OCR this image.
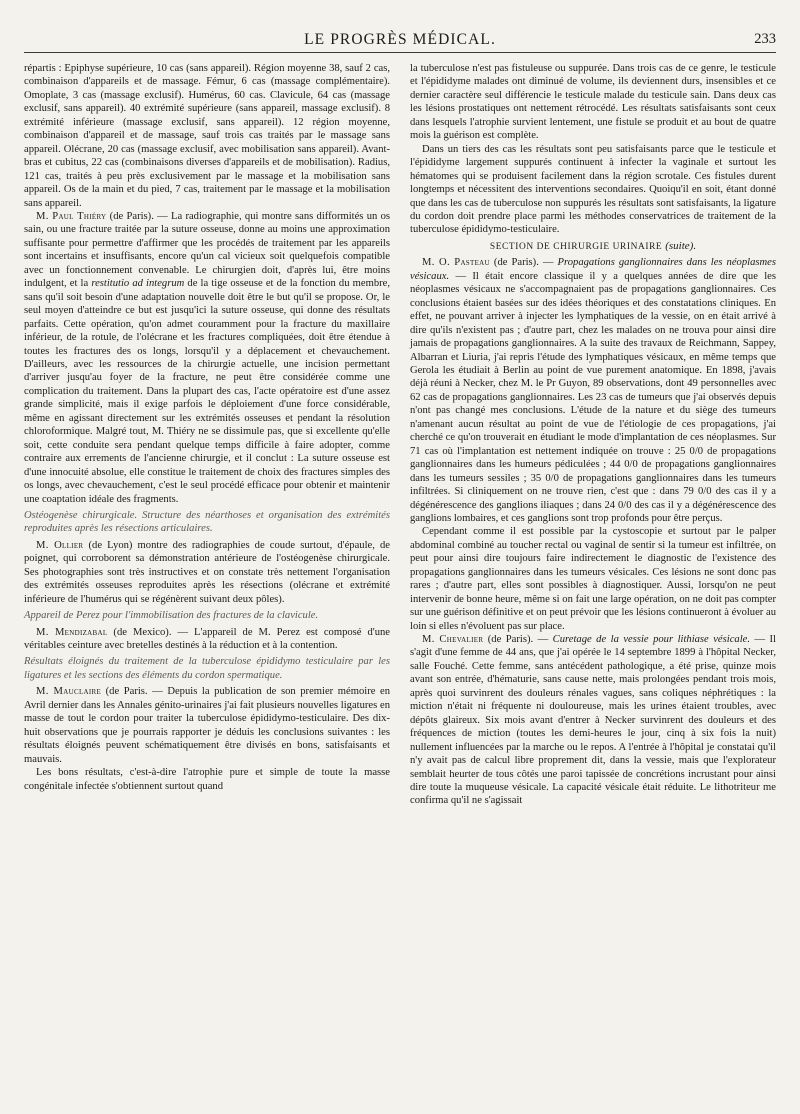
LE PROGRÈS MÉDICAL.	233

répartis : Epiphyse supérieure, 10 cas (sans appareil). Région moyenne 38, sauf 2 cas, combinaison d'appareils et de massage. Fémur, 6 cas (massage complémentaire). Omoplate, 3 cas (massage exclusif). Humérus, 60 cas. Clavicule, 64 cas (massage exclusif, sans appareil). 40 extrémité supérieure (sans appareil, massage exclusif). 8 extrémité inférieure (massage exclusif, sans appareil). 12 région moyenne, combinaison d'appareil et de massage, sauf trois cas traités par le massage sans appareil. Olécrane, 20 cas (massage exclusif, avec mobilisation sans appareil). Avant-bras et cubitus, 22 cas (combinaisons diverses d'appareils et de mobilisation). Radius, 121 cas, traités à peu près exclusivement par le massage et la mobilisation sans appareil. Os de la main et du pied, 7 cas, traitement par le massage et la mobilisation sans appareil.

M. Paul Thiéry (de Paris). — La radiographie, qui montre sans difformités un os sain, ou une fracture traitée par la suture osseuse, donne au moins une approximation suffisante pour permettre d'affirmer que les procédés de traitement par les appareils sont incertains et insuffisants, encore qu'un cal vicieux soit quelquefois compatible avec un fonctionnement convenable. Le chirurgien doit, d'après lui, être moins indulgent, et la restitutio ad integrum de la tige osseuse et de la fonction du membre, sans qu'il soit besoin d'une adaptation nouvelle doit être le but qu'il se propose. Or, le seul moyen d'atteindre ce but est jusqu'ici la suture osseuse, qui donne des résultats parfaits. Cette opération, qu'on admet couramment pour la fracture du maxillaire inférieur, de la rotule, de l'olécrane et les fractures compliquées, doit être étendue à toutes les fractures des os longs, lorsqu'il y a déplacement et chevauchement. D'ailleurs, avec les ressources de la chirurgie actuelle, une incision permettant d'arriver jusqu'au foyer de la fracture, ne peut être considérée comme une complication du traitement. Dans la plupart des cas, l'acte opératoire est d'une assez grande simplicité, mais il exige parfois le déploiement d'une force considérable, même en agissant directement sur les extrémités osseuses et pendant la résolution chloroformique. Malgré tout, M. Thiéry ne se dissimule pas, que si excellente qu'elle soit, cette conduite sera pendant quelque temps difficile à faire adopter, comme contraire aux errements de l'ancienne chirurgie, et il conclut : La suture osseuse est d'une innocuité absolue, elle constitue le traitement de choix des fractures simples des os longs, avec chevauchement, c'est le seul procédé efficace pour obtenir et maintenir une coaptation idéale des fragments.

Ostéogenèse chirurgicale. Structure des néarthoses et organisation des extrémités reproduites après les résections articulaires.

M. Ollier (de Lyon) montre des radiographies de coude surtout, d'épaule, de poignet, qui corroborent sa démonstration antérieure de l'ostéogenèse chirurgicale. Ses photographies sont très instructives et on constate très nettement l'organisation des extrémités osseuses reproduites après les résections (olécrane et extrémité inférieure de l'humérus qui se régénèrent suivant deux pôles).

Appareil de Perez pour l'immobilisation des fractures de la clavicule.

M. Mendizabal (de Mexico). — L'appareil de M. Perez est composé d'une véritables ceinture avec bretelles destinés à la réduction et à la contention.

Résultats éloignés du traitement de la tuberculose épididymo testiculaire par les ligatures et les sections des éléments du cordon spermatique.

M. Mauclaire (de Paris. — Depuis la publication de son premier mémoire en Avril dernier dans les Annales génito-urinaires j'ai fait plusieurs nouvelles ligatures en masse de tout le cordon pour traiter la tuberculose épididymo-testiculaire. Des dix-huit observations que je pourrais rapporter je déduis les conclusions suivantes : les résultats éloignés peuvent schématiquement être divisés en bons, satisfaisants et mauvais.

Les bons résultats, c'est-à-dire l'atrophie pure et simple de toute la masse congénitale infectée s'obtiennent surtout quand

la tuberculose n'est pas fistuleuse ou suppurée. Dans trois cas de ce genre, le testicule et l'épididyme malades ont diminué de volume, ils deviennent durs, insensibles et ce dernier caractère seul différencie le testicule malade du testicule sain. Dans deux cas les lésions prostatiques ont nettement rétrocédé. Les résultats satisfaisants sont ceux dans lesquels l'atrophie survient lentement, une fistule se produit et au bout de quatre mois la guérison est complète.

Dans un tiers des cas les résultats sont peu satisfaisants parce que le testicule et l'épididyme largement suppurés continuent à infecter la vaginale et surtout les hématomes qui se produisent facilement dans la région scrotale. Ces fistules durent longtemps et nécessitent des interventions secondaires. Quoiqu'il en soit, étant donné que dans les cas de tuberculose non suppurés les résultats sont satisfaisants, la ligature du cordon doit prendre place parmi les méthodes conservatrices de traitement de la tuberculose épididymo-testiculaire.

SECTION DE CHIRURGIE URINAIRE (suite).

M. O. Pasteau (de Paris). — Propagations ganglionnaires dans les néoplasmes vésicaux. — Il était encore classique il y a quelques années de dire que les néoplasmes vésicaux ne s'accompagnaient pas de propagations ganglionnaires. Ces conclusions étaient basées sur des idées théoriques et des constatations cliniques. En effet, ne pouvant arriver à injecter les lymphatiques de la vessie, on en était arrivé à dire qu'ils n'existent pas ; d'autre part, chez les malades on ne trouva pour ainsi dire jamais de propagations ganglionnaires. A la suite des travaux de Reichmann, Sappey, Albarran et Liuria, j'ai repris l'étude des lymphatiques vésicaux, en même temps que Gerola les étudiait à Berlin au point de vue purement anatomique. En 1898, j'avais déjà réuni à Necker, chez M. le Pr Guyon, 89 observations, dont 49 personnelles avec 62 cas de propagations ganglionnaires. Les 23 cas de tumeurs que j'ai observés depuis n'ont pas changé mes conclusions. L'étude de la nature et du siège des tumeurs n'amenant aucun résultat au point de vue de l'étiologie de ces propagations, j'ai cherché ce qu'on trouverait en étudiant le mode d'implantation de ces néoplasmes. Sur 71 cas où l'implantation est nettement indiquée on trouve : 25 0/0 de propagations ganglionnaires dans les humeurs pédiculées ; 44 0/0 de propagations ganglionnaires dans les tumeurs sessiles ; 35 0/0 de propagations ganglionnaires dans les tumeurs infiltrées. Si cliniquement on ne trouve rien, c'est que : dans 79 0/0 des cas il y a dégénérescence des ganglions iliaques ; dans 24 0/0 des cas il y a dégénérescence des ganglions lombaires, et ces ganglions sont trop profonds pour être perçus.

Cependant comme il est possible par la cystoscopie et surtout par le palper abdominal combiné au toucher rectal ou vaginal de sentir si la tumeur est infiltrée, on peut pour ainsi dire toujours faire indirectement le diagnostic de l'existence des propagations ganglionnaires dans les tumeurs vésicales. Ces lésions ne sont donc pas rares ; d'autre part, elles sont possibles à diagnostiquer. Aussi, lorsqu'on ne peut intervenir de bonne heure, même si on fait une large opération, on ne doit pas compter sur une guérison définitive et on peut prévoir que les lésions continueront à évoluer au loin si elles n'évoluent pas sur place.

M. Chevalier (de Paris). — Curetage de la vessie pour lithiase vésicale. — Il s'agit d'une femme de 44 ans, que j'ai opérée le 14 septembre 1899 à l'hôpital Necker, salle Fouché. Cette femme, sans antécédent pathologique, a été prise, quinze mois avant son entrée, d'hématurie, sans cause nette, mais prolongées pendant trois mois, après quoi survinrent des douleurs rénales vagues, sans coliques néphrétiques : la miction n'était ni fréquente ni douloureuse, mais les urines étaient troubles, avec dépôts glaireux. Six mois avant d'entrer à Necker survinrent des douleurs et des fréquences de miction (toutes les demi-heures le jour, cinq à six fois la nuit) nullement influencées par la marche ou le repos. A l'entrée à l'hôpital je constatai qu'il n'y avait pas de calcul libre proprement dit, dans la vessie, mais que l'explorateur semblait heurter de tous côtés une paroi tapissée de concrétions incrustant pour ainsi dire toute la muqueuse vésicale. La capacité vésicale était réduite. Le lithotriteur me confirma qu'il ne s'agissait
